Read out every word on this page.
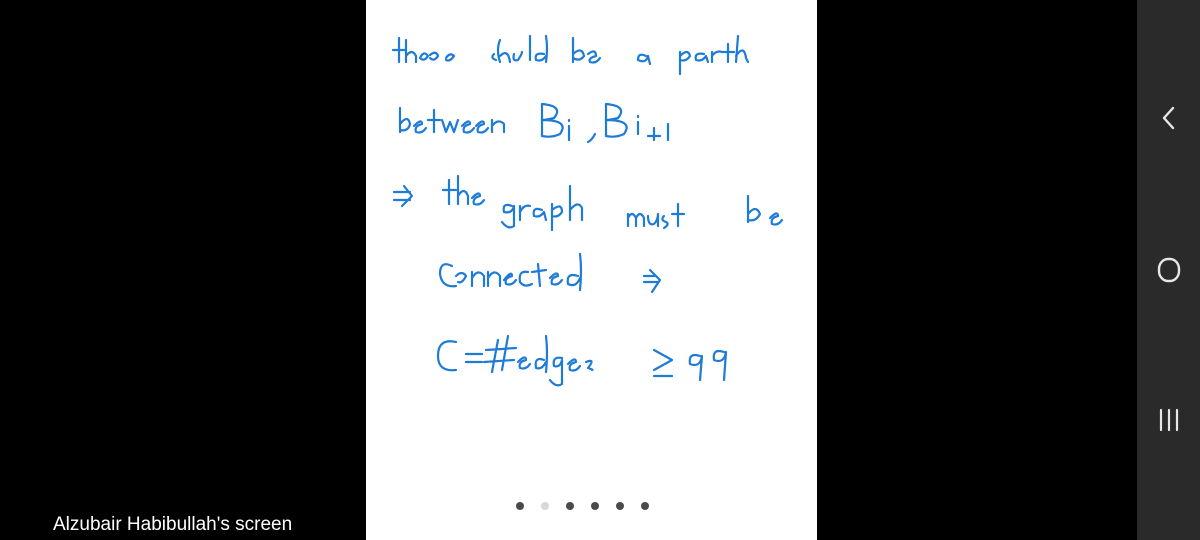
Alzubair Habibullah's screen
